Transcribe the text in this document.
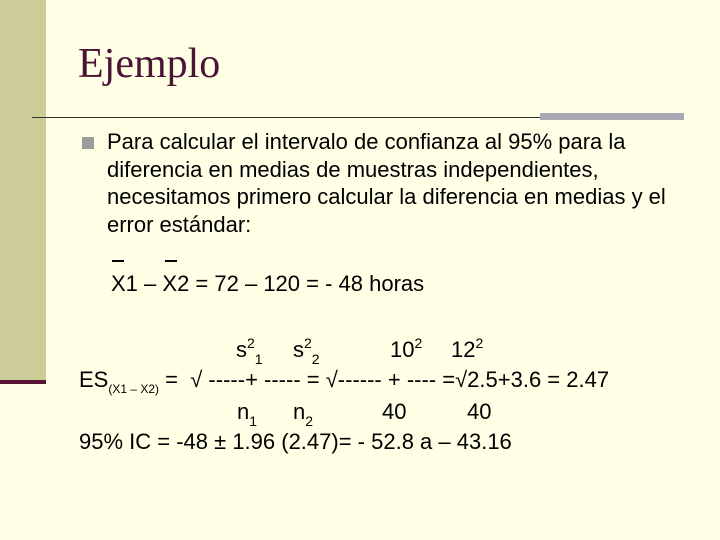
Ejemplo

Para calcular el intervalo de confianza al 95% para la diferencia en medias de muestras independientes, necesitamos primero calcular la diferencia en medias y el error estándar:

X1 – X2 = 72 – 120 = - 48 horas
$s^2_1$ $s^2_2$	$10^2$ $12^2$
$ES_{(X1 - X2)}$ =  √ -----+ ----- = √------ + ---- =√2.5+3.6 = 2.47
$n_1$ $n_2$	40	40
95% IC = -48 ± 1.96 (2.47)= - 52.8 a – 43.16
